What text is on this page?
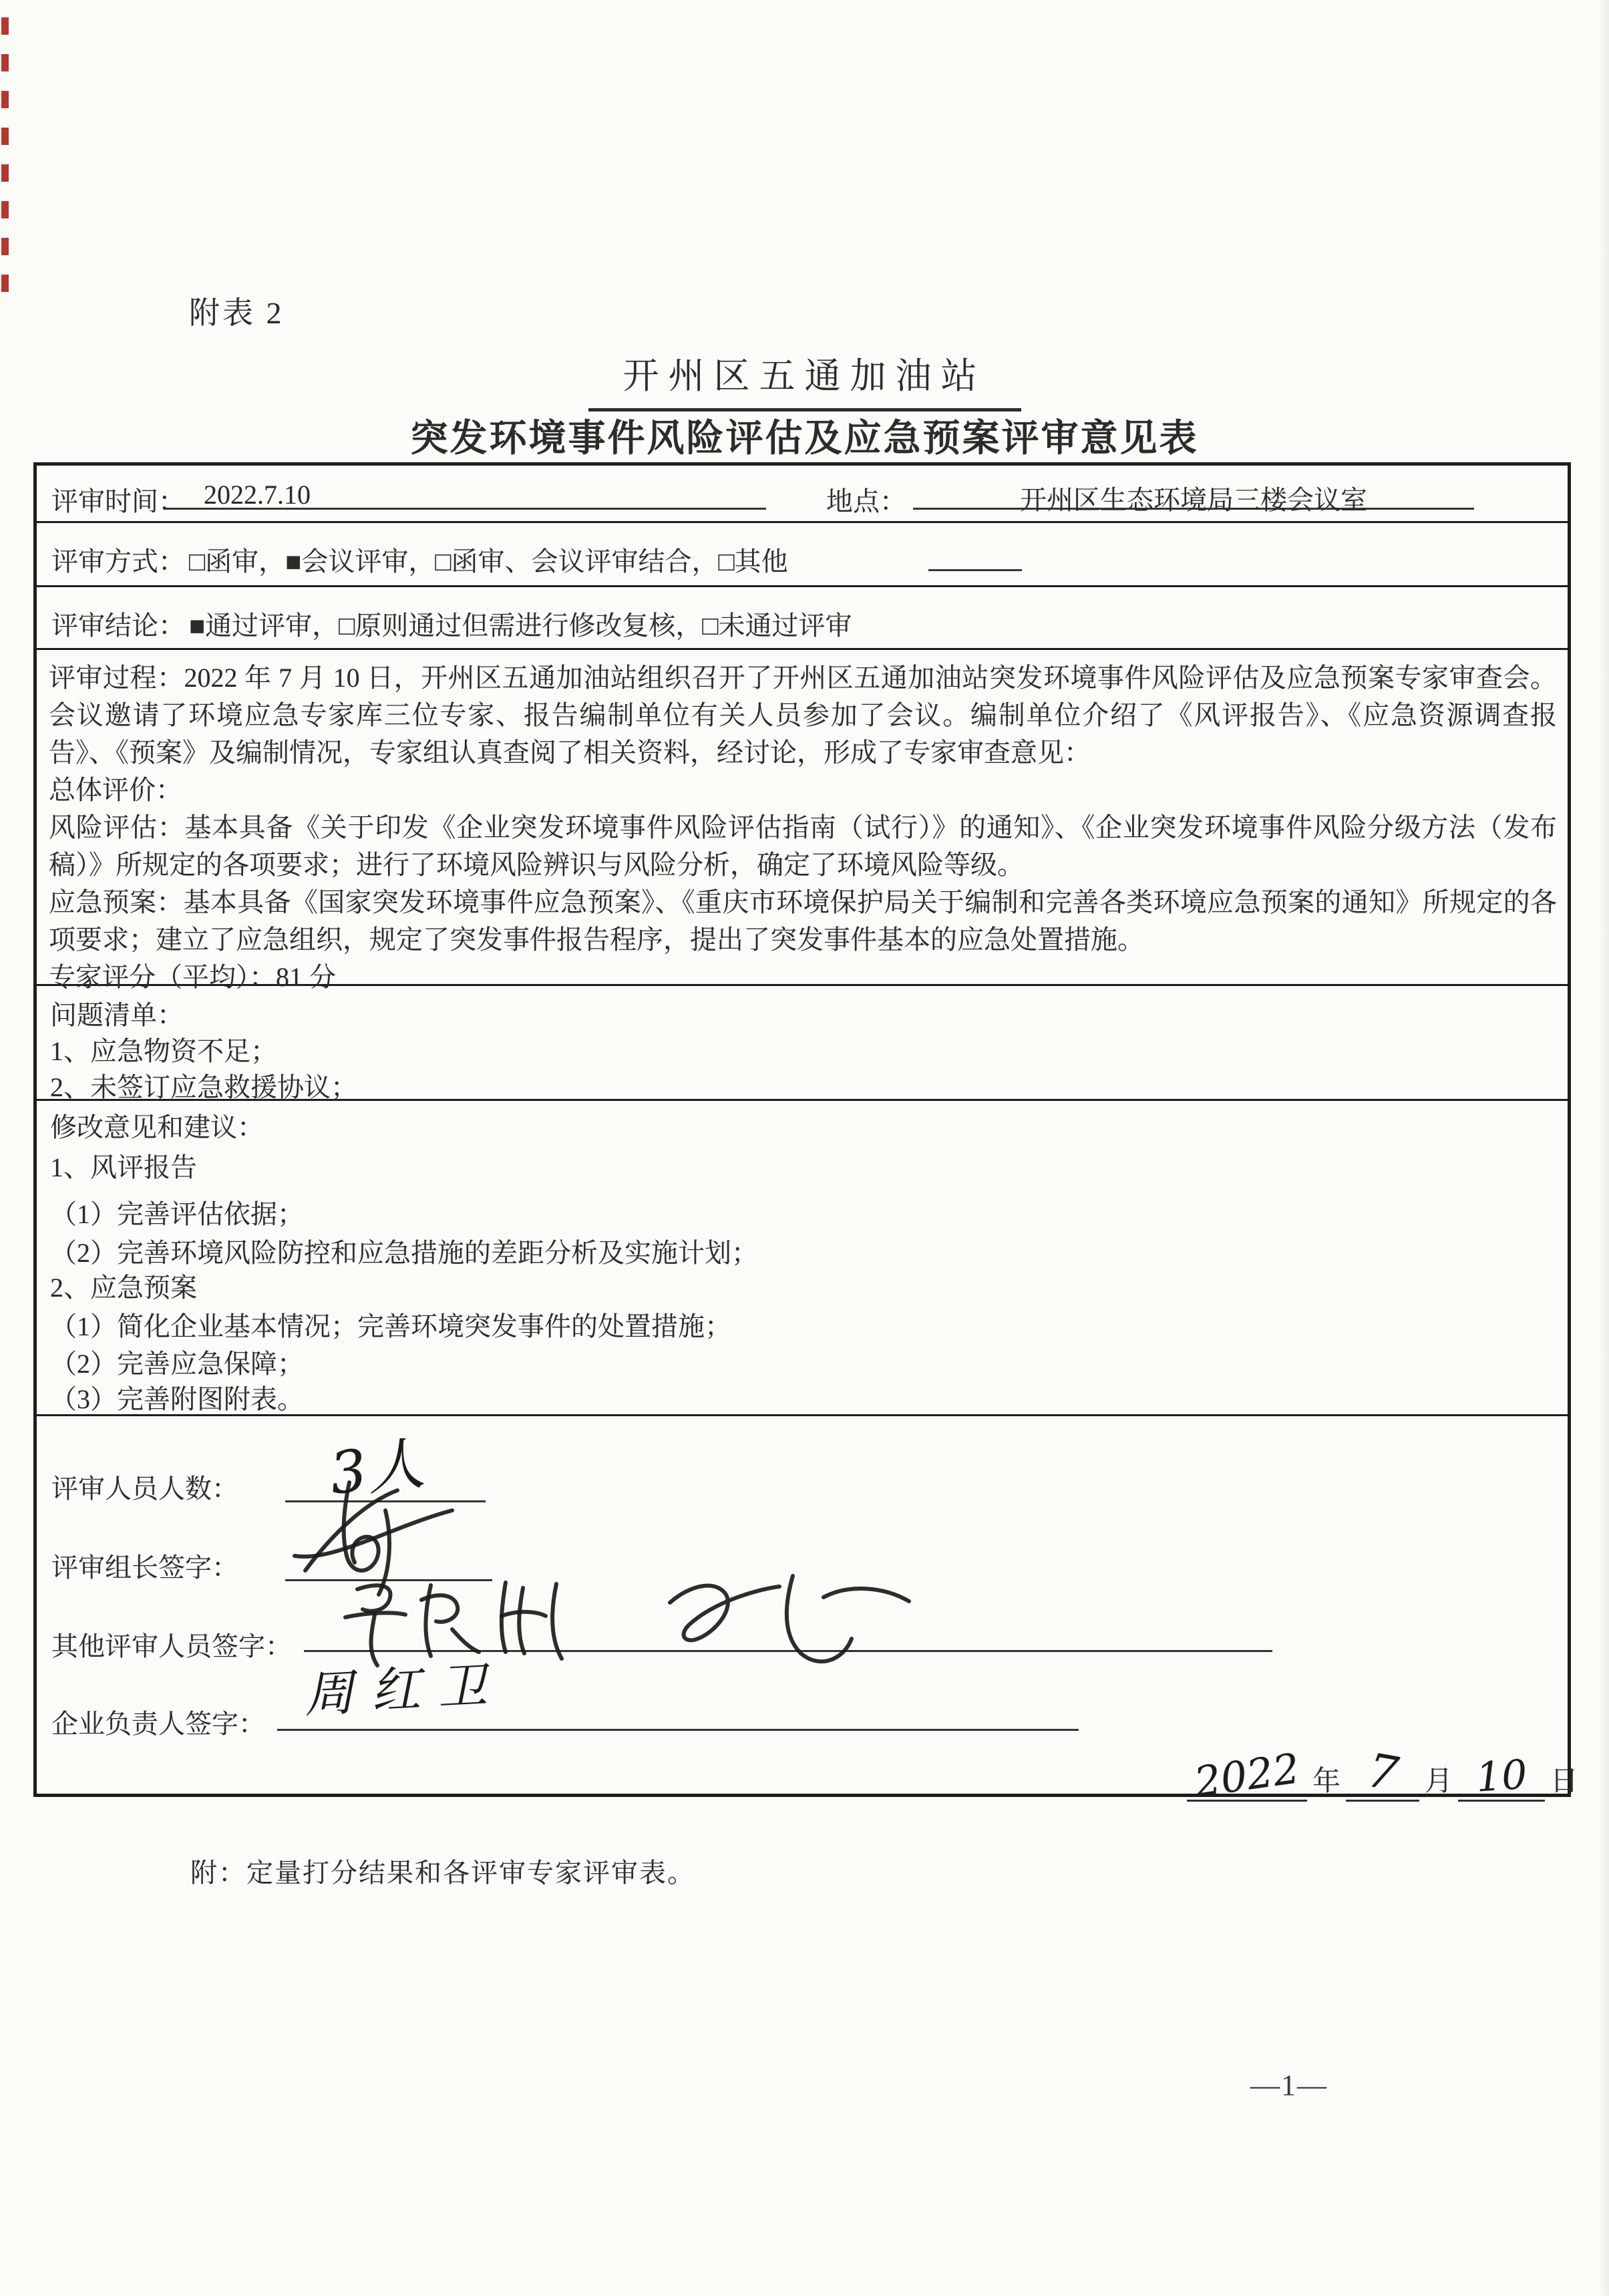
附表 2
开州区五通加油站
突发环境事件风险评估及应急预案评审意见表
评审时间： 2022.7.10	地点：	开州区生态环境局三楼会议室
评审方式： □函审，■会议评审，□函审、会议评审结合，□其他
评审结论： ■通过评审，□原则通过但需进行修改复核，□未通过评审

评审过程：2022 年 7 月 10 日，开州区五通加油站组织召开了开州区五通加油站突发环境事件风险评估及应急预案专家审查会。会议邀请了环境应急专家库三位专家、报告编制单位有关人员参加了会议。编制单位介绍了《风评报告》、《应急资源调查报告》、《预案》及编制情况，专家组认真查阅了相关资料，经讨论，形成了专家审查意见：

总体评价：

风险评估：基本具备《关于印发《企业突发环境事件风险评估指南（试行）》的通知》、《企业突发环境事件风险分级方法（发布稿）》所规定的各项要求；进行了环境风险辨识与风险分析，确定了环境风险等级。

应急预案：基本具备《国家突发环境事件应急预案》、《重庆市环境保护局关于编制和完善各类环境应急预案的通知》所规定的各项要求；建立了应急组织，规定了突发事件报告程序，提出了突发事件基本的应急处置措施。

专家评分（平均）：81 分

问题清单：
1、应急物资不足；
2、未签订应急救援协议；
修改意见和建议：
1、风评报告
（1）完善评估依据；
（2）完善环境风险防控和应急措施的差距分析及实施计划；
2、应急预案
（1）简化企业基本情况；完善环境突发事件的处置措施；
（2）完善应急保障；
（3）完善附图附表。
评审人员人数： 3人
评审组长签字：
其他评审人员签字：
企业负责人签字： 周红卫
2022 年 7 月 10 日
附：定量打分结果和各评审专家评审表。
—1—
